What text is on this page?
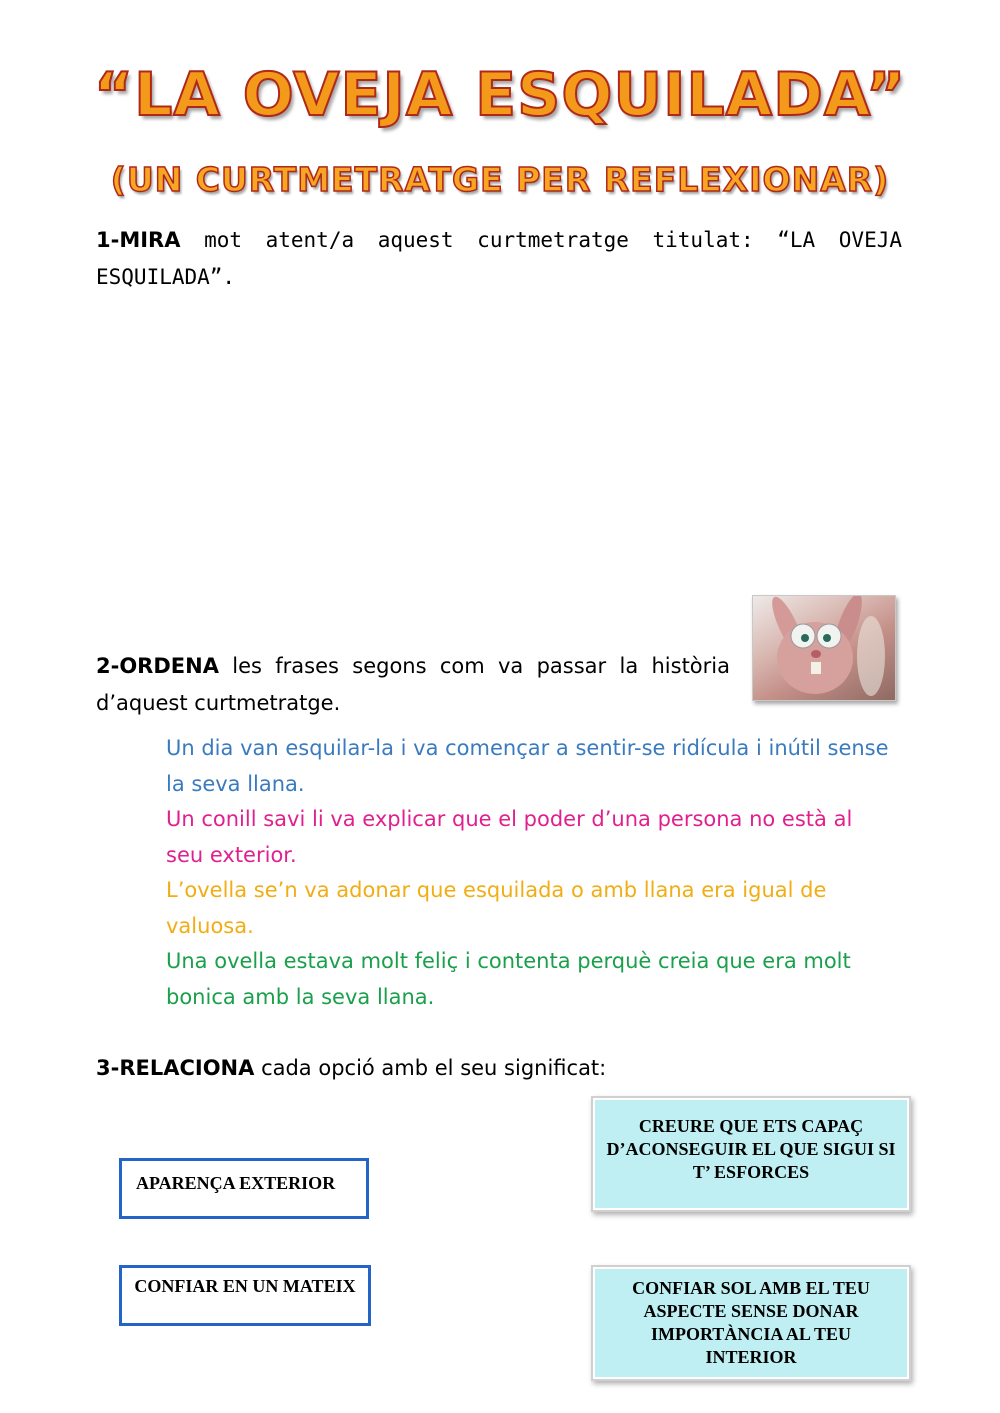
“LA OVEJA ESQUILADA”
(UN CURTMETRATGE PER REFLEXIONAR)
1-MIRA mot atent/a aquest curtmetratge titulat: “LA OVEJA ESQUILADA”.
2-ORDENA les frases segons com va passar la història d’aquest curtmetratge.
Un dia van esquilar-la i va començar a sentir-se ridícula i inútil sense la seva llana.
Un conill savi li va explicar que el poder d’una persona no està al seu exterior.
L’ovella se’n va adonar que esquilada o amb llana era igual de valuosa.
Una ovella estava molt feliç i contenta perquè creia que era molt bonica amb la seva llana.
3-RELACIONA cada opció amb el seu significat:
CREURE QUE ETS CAPAÇ D’ACONSEGUIR EL QUE SIGUI SI T’ ESFORCES
APARENÇA EXTERIOR
CONFIAR EN UN MATEIX	CONFIAR SOL AMB EL TEU ASPECTE SENSE DONAR IMPORTÀNCIA AL TEU INTERIOR
